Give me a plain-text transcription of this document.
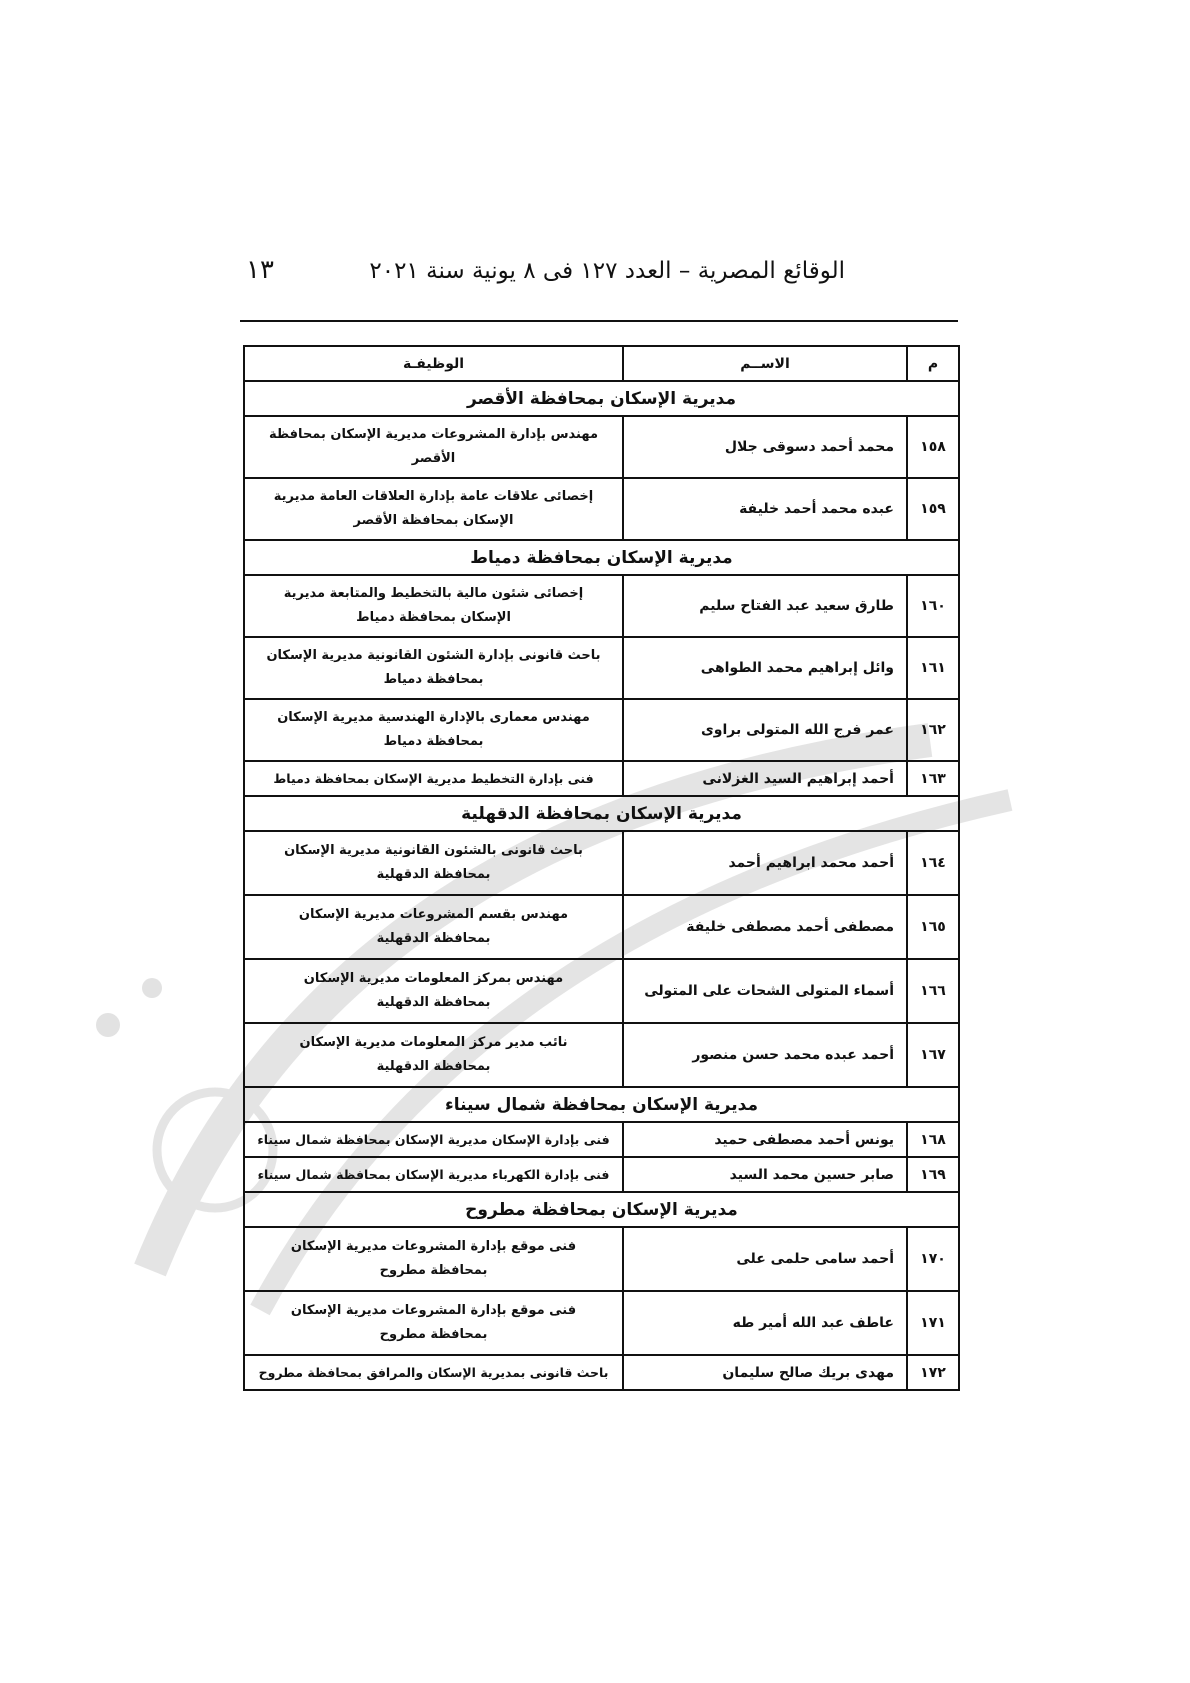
الوقائع المصرية – العدد ١٢٧ فى ٨ يونية سنة ٢٠٢١
١٣
م	الاســم	الوظيفـة
مديرية الإسكان بمحافظة الأقصر		
١٥٨	محمد أحمد دسوقى جلال	مهندس بإدارة المشروعات مديرية الإسكان بمحافظة
الأقصر
١٥٩	عبده محمد أحمد خليفة	إخصائى علاقات عامة بإدارة العلاقات العامة مديرية
الإسكان بمحافظة الأقصر
مديرية الإسكان بمحافظة دمياط		
١٦٠	طارق سعيد عبد الفتاح سليم	إخصائى شئون مالية بالتخطيط والمتابعة مديرية
الإسكان بمحافظة دمياط
١٦١	وائل إبراهيم محمد الطواهى	باحث قانونى بإدارة الشئون القانونية مديرية الإسكان
بمحافظة دمياط
١٦٢	عمر فرج الله المتولى براوى	مهندس معمارى بالإدارة الهندسية مديرية الإسكان
بمحافظة دمياط
١٦٣	أحمد إبراهيم السيد الغزلانى	فنى بإدارة التخطيط مديرية الإسكان بمحافظة دمياط
مديرية الإسكان بمحافظة الدقهلية		
١٦٤	أحمد محمد ابراهيم أحمد	باحث قانونى بالشئون القانونية مديرية الإسكان
بمحافظة الدقهلية
١٦٥	مصطفى أحمد مصطفى خليفة	مهندس بقسم المشروعات مديرية الإسكان
بمحافظة الدقهلية
١٦٦	أسماء المتولى الشحات على المتولى	مهندس بمركز المعلومات مديرية الإسكان
بمحافظة الدقهلية
١٦٧	أحمد عبده محمد حسن منصور	نائب مدير مركز المعلومات مديرية الإسكان
بمحافظة الدقهلية
مديرية الإسكان بمحافظة شمال سيناء		
١٦٨	يونس أحمد مصطفى حميد	فنى بإدارة الإسكان مديرية الإسكان بمحافظة شمال سيناء
١٦٩	صابر حسين محمد السيد	فنى بإدارة الكهرباء مديرية الإسكان بمحافظة شمال سيناء
مديرية الإسكان بمحافظة مطروح		
١٧٠	أحمد سامى حلمى على	فنى موقع بإدارة المشروعات مديرية الإسكان
بمحافظة مطروح
١٧١	عاطف عبد الله أمير طه	فنى موقع بإدارة المشروعات مديرية الإسكان
بمحافظة مطروح
١٧٢	مهدى بريك صالح سليمان	باحث قانونى بمديرية الإسكان والمرافق بمحافظة مطروح
